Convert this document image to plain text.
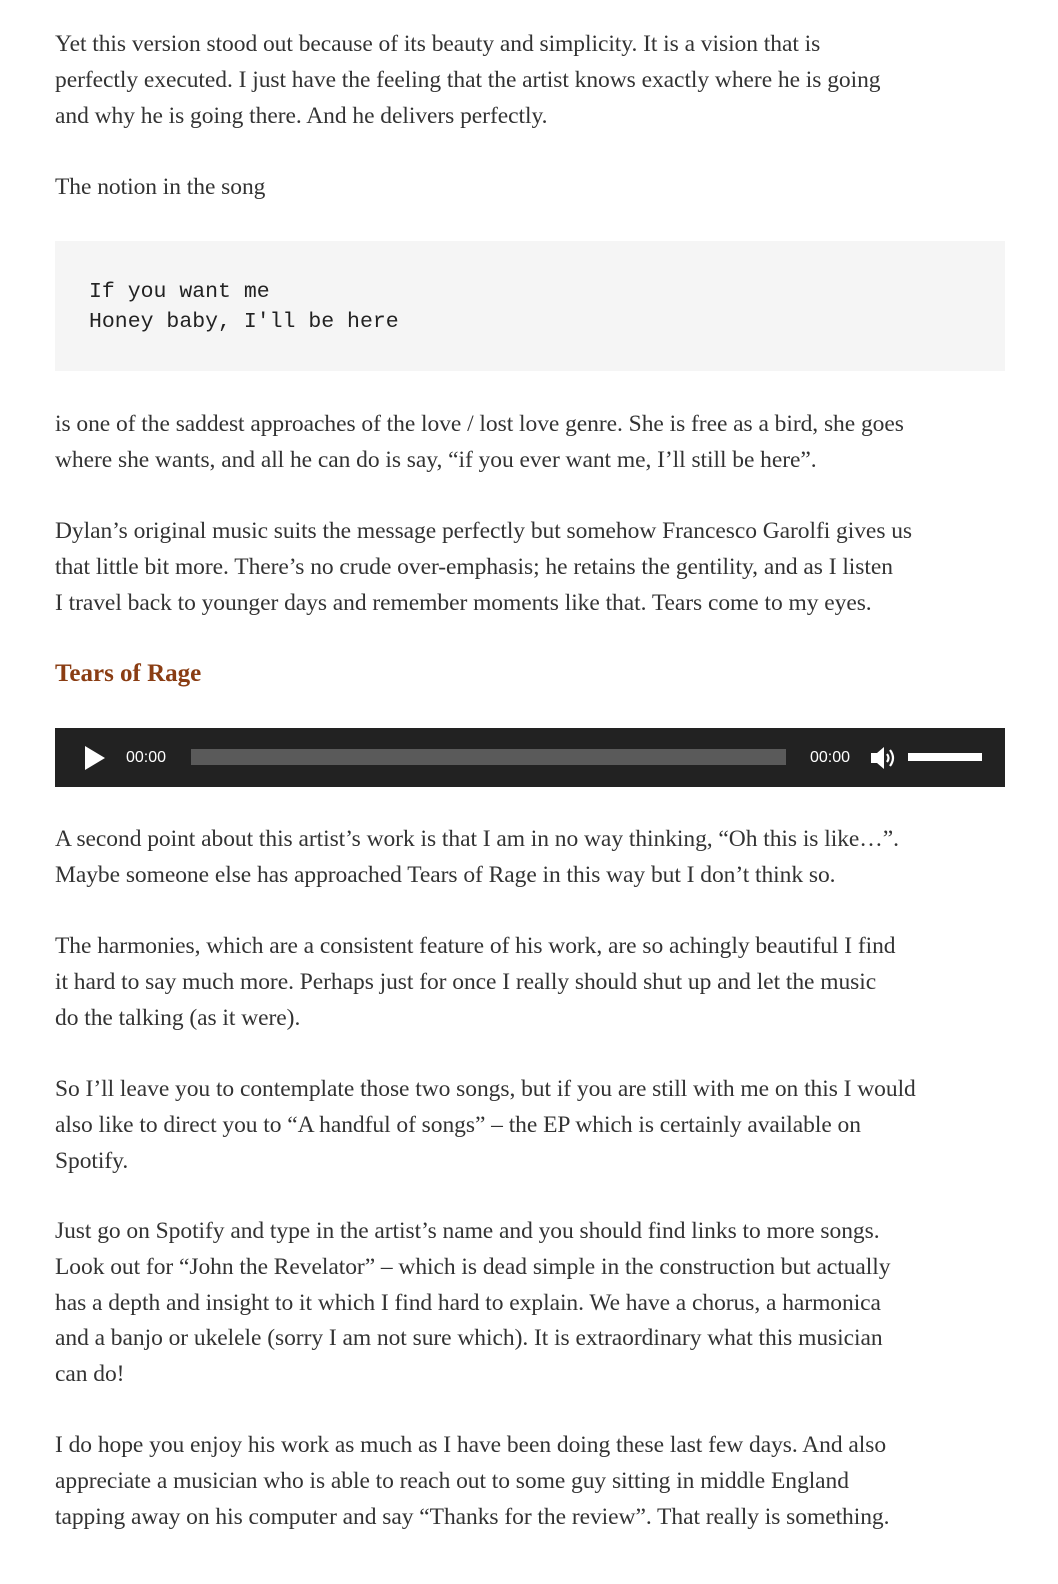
Yet this version stood out because of its beauty and simplicity. It is a vision that is
perfectly executed. I just have the feeling that the artist knows exactly where he is going
and why he is going there. And he delivers perfectly.

The notion in the song

If you want me
Honey baby, I'll be here

is one of the saddest approaches of the love / lost love genre. She is free as a bird, she goes
where she wants, and all he can do is say, “if you ever want me, I’ll still be here”.

Dylan’s original music suits the message perfectly but somehow Francesco Garolfi gives us
that little bit more. There’s no crude over-emphasis; he retains the gentility, and as I listen
I travel back to younger days and remember moments like that. Tears come to my eyes.

Tears of Rage
00:00	00:00

A second point about this artist’s work is that I am in no way thinking, “Oh this is like…”.
Maybe someone else has approached Tears of Rage in this way but I don’t think so.

The harmonies, which are a consistent feature of his work, are so achingly beautiful I find
it hard to say much more. Perhaps just for once I really should shut up and let the music
do the talking (as it were).

So I’ll leave you to contemplate those two songs, but if you are still with me on this I would
also like to direct you to “A handful of songs” – the EP which is certainly available on
Spotify.

Just go on Spotify and type in the artist’s name and you should find links to more songs.
Look out for “John the Revelator” – which is dead simple in the construction but actually
has a depth and insight to it which I find hard to explain. We have a chorus, a harmonica
and a banjo or ukelele (sorry I am not sure which). It is extraordinary what this musician
can do!

I do hope you enjoy his work as much as I have been doing these last few days. And also
appreciate a musician who is able to reach out to some guy sitting in middle England
tapping away on his computer and say “Thanks for the review”. That really is something.
